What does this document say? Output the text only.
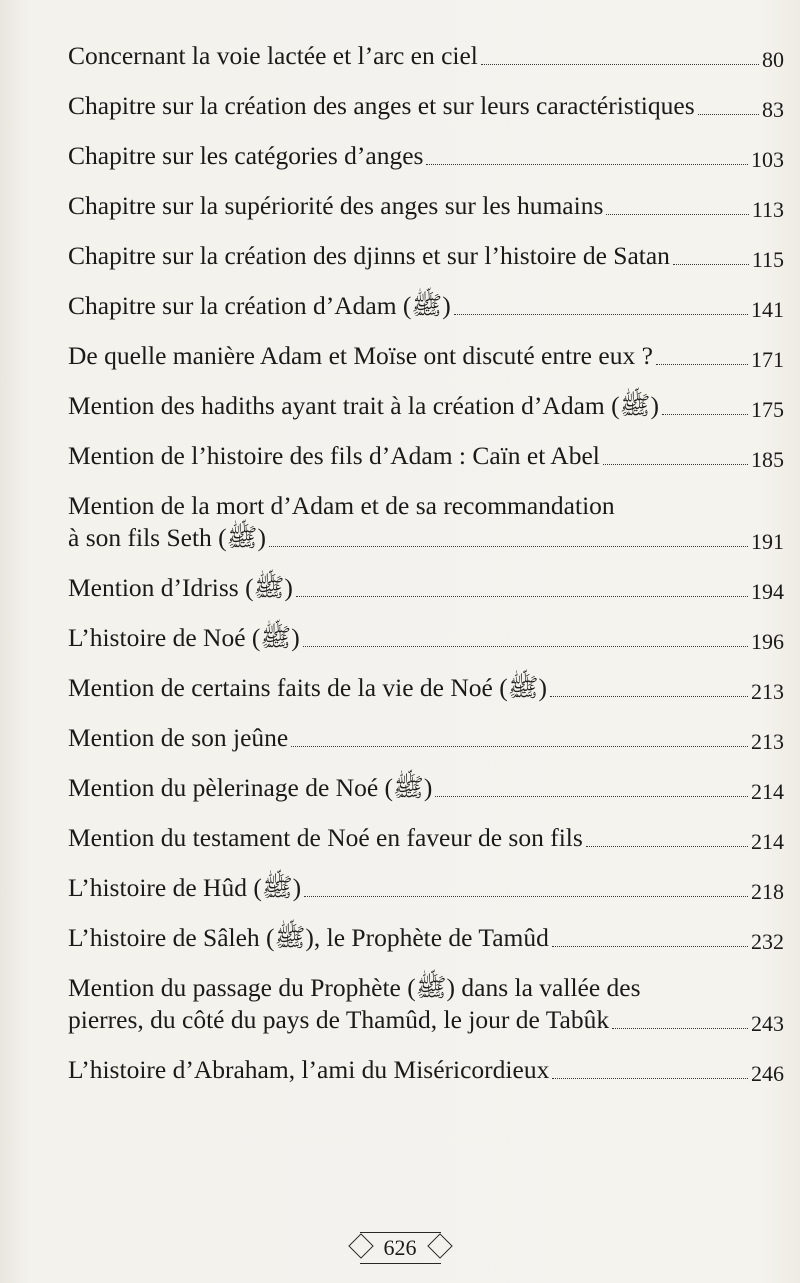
Concernant la voie lactée et l’arc en ciel	80
Chapitre sur la création des anges et sur leurs caractéristiques	83
Chapitre sur les catégories d’anges	103
Chapitre sur la supériorité des anges sur les humains	113
Chapitre sur la création des djinns et sur l’histoire de Satan	115
Chapitre sur la création d’Adam (ﷺ)	141
De quelle manière Adam et Moïse ont discuté entre eux ?	171
Mention des hadiths ayant trait à la création d’Adam (ﷺ)	175
Mention de l’histoire des fils d’Adam : Caïn et Abel	185
Mention de la mort d’Adam et de sa recommandation
à son fils Seth (ﷺ)	191
Mention d’Idriss (ﷺ)	194
L’histoire de Noé (ﷺ)	196
Mention de certains faits de la vie de Noé (ﷺ)	213
Mention de son jeûne	213
Mention du pèlerinage de Noé (ﷺ)	214
Mention du testament de Noé en faveur de son fils	214
L’histoire de Hûd (ﷺ)	218
L’histoire de Sâleh (ﷺ), le Prophète de Tamûd	232
Mention du passage du Prophète (ﷺ) dans la vallée des
pierres, du côté du pays de Thamûd, le jour de Tabûk	243
L’histoire d’Abraham, l’ami du Miséricordieux	246
626
